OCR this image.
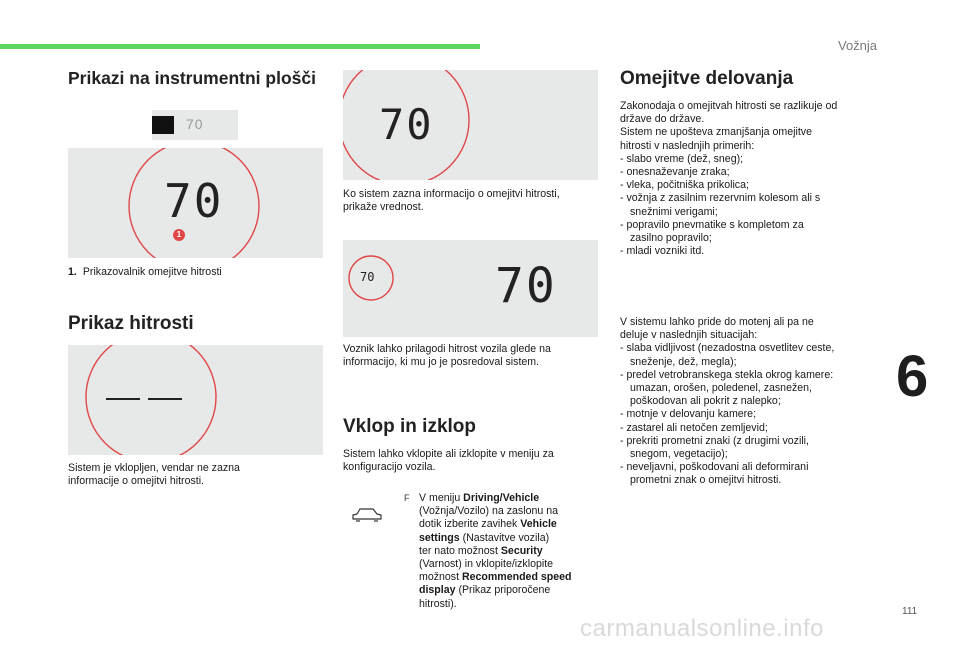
Vožnja
6
111
carmanualsonline.info
Prikazi na instrumentni plošči
70
70
1
1. Prikazovalnik omejitve hitrosti
Prikaz hitrosti
Sistem je vklopljen, vendar ne zazna
informacije o omejitvi hitrosti.
70
Ko sistem zazna informacijo o omejitvi hitrosti,
prikaže vrednost.
70	70
Voznik lahko prilagodi hitrost vozila glede na
informacijo, ki mu jo je posredoval sistem.
Vklop in izklop
Sistem lahko vklopite ali izklopite v meniju za
konfiguracijo vozila.
F V meniju Driving/Vehicle
(Vožnja/Vozilo) na zaslonu na
dotik izberite zavihek Vehicle
settings (Nastavitve vozila)
ter nato možnost Security
(Varnost) in vklopite/izklopite
možnost Recommended speed
display (Prikaz priporočene
hitrosti).
Omejitve delovanja
Zakonodaja o omejitvah hitrosti se razlikuje od
države do države.
Sistem ne upošteva zmanjšanja omejitve
hitrosti v naslednjih primerih:
- slabo vreme (dež, sneg);
- onesnaževanje zraka;
- vleka, počitniška prikolica;
- vožnja z zasilnim rezervnim kolesom ali s
snežnimi verigami;
- popravilo pnevmatike s kompletom za
zasilno popravilo;
- mladi vozniki itd.
V sistemu lahko pride do motenj ali pa ne
deluje v naslednjih situacijah:
- slaba vidljivost (nezadostna osvetlitev ceste,
sneženje, dež, megla);
- predel vetrobranskega stekla okrog kamere:
umazan, orošen, poledenel, zasnežen,
poškodovan ali pokrit z nalepko;
- motnje v delovanju kamere;
- zastarel ali netočen zemljevid;
- prekriti prometni znaki (z drugimi vozili,
snegom, vegetacijo);
- neveljavni, poškodovani ali deformirani
prometni znak o omejitvi hitrosti.
